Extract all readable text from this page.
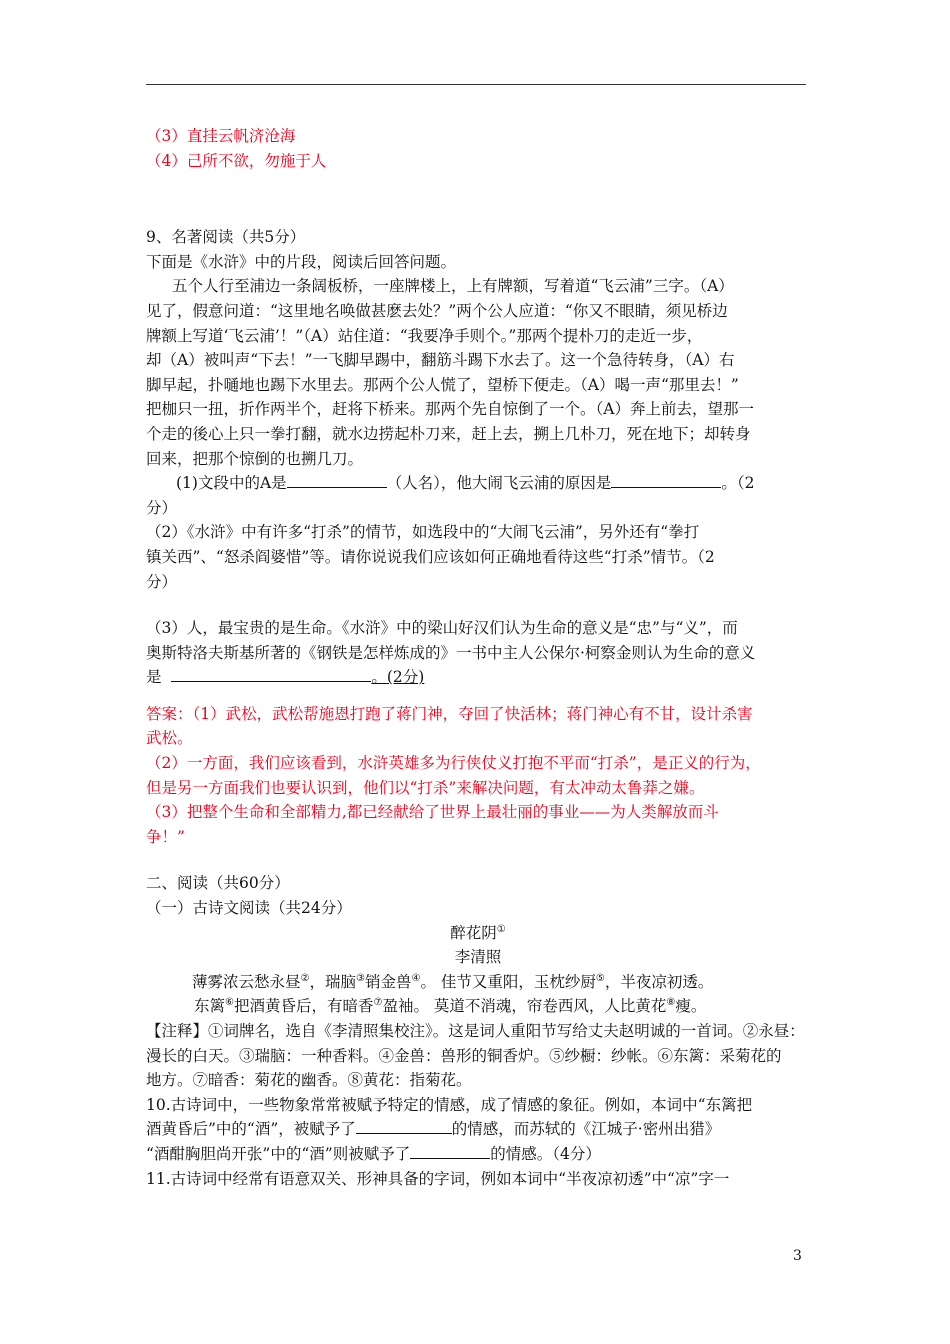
（3）直挂云帆济沧海
（4）己所不欲，勿施于人
9、名著阅读（共5分）
下面是《水浒》中的片段，阅读后回答问题。
五个人行至浦边一条阔板桥，一座牌楼上，上有牌额，写着道“飞云浦”三字。（A）
见了，假意问道：“这里地名唤做甚麽去处？”两个公人应道：“你又不眼睛，须见桥边
牌额上写道‘飞云浦’！”（A）站住道：“我要净手则个。”那两个提朴刀的走近一步，
却（A）被叫声“下去！”一飞脚早踢中，翻筋斗踢下水去了。这一个急待转身，（A）右
脚早起，扑嗵地也踢下水里去。那两个公人慌了，望桥下便走。（A）喝一声“那里去！”
把枷只一扭，折作两半个，赶将下桥来。那两个先自惊倒了一个。（A）奔上前去，望那一
个走的後心上只一拳打翻，就水边捞起朴刀来，赶上去，搠上几朴刀，死在地下；却转身
回来，把那个惊倒的也搠几刀。
(1)文段中的A是	（人名），他大闹飞云浦的原因是	。（2
分）
（2）《水浒》中有许多“打杀”的情节，如选段中的“大闹飞云浦”，另外还有“拳打
镇关西”、“怒杀阎婆惜”等。请你说说我们应该如何正确地看待这些“打杀”情节。（2
分）
（3）人，最宝贵的是生命。《水浒》中的梁山好汉们认为生命的意义是“忠”与“义”，而
奥斯特洛夫斯基所著的《钢铁是怎样炼成的》一书中主人公保尔·柯察金则认为生命的意义
是	。(2分)
答案：（1）武松，武松帮施恩打跑了蒋门神，夺回了快活林；蒋门神心有不甘，设计杀害
武松。
（2）一方面，我们应该看到，水浒英雄多为行侠仗义打抱不平而“打杀”，是正义的行为，
但是另一方面我们也要认识到，他们以“打杀”来解决问题，有太冲动太鲁莽之嫌。
（3）把整个生命和全部精力,都已经献给了世界上最壮丽的事业——为人类解放而斗
争！”
二、阅读（共60分）
（一）古诗文阅读（共24分）
醉花阴①
李清照
薄雾浓云愁永昼②，瑞脑③销金兽④。 佳节又重阳，玉枕纱厨⑤，半夜凉初透。
东篱⑥把酒黄昏后，有暗香⑦盈袖。 莫道不消魂，帘卷西风，人比黄花⑧瘦。
【注释】①词牌名，选自《李清照集校注》。这是词人重阳节写给丈夫赵明诚的一首词。②永昼：
漫长的白天。③瑞脑：一种香料。④金兽：兽形的铜香炉。⑤纱橱：纱帐。⑥东篱：采菊花的
地方。⑦暗香：菊花的幽香。⑧黄花：指菊花。
10.古诗词中，一些物象常常被赋予特定的情感，成了情感的象征。例如，本词中“东篱把
酒黄昏后”中的“酒”，被赋予了	的情感，而苏轼的《江城子·密州出猎》
“酒酣胸胆尚开张”中的“酒”则被赋予了	的情感。（4分）
11.古诗词中经常有语意双关、形神具备的字词，例如本词中“半夜凉初透”中“凉”字一
3
